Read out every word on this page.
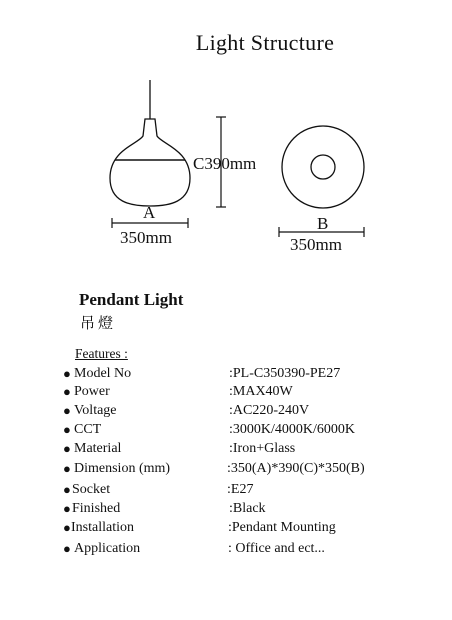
Light Structure
C390mm
A
350mm
B
350mm
Pendant Light
吊燈
Features :
● Model No	:PL-C350390-PE27
● Power	:MAX40W
● Voltage	:AC220-240V
● CCT	:3000K/4000K/6000K
● Material	:Iron+Glass
● Dimension (mm)	:350(A)*390(C)*350(B)
● Socket	:E27
● Finished	:Black
● Installation	:Pendant Mounting
● Application	: Office and ect...
